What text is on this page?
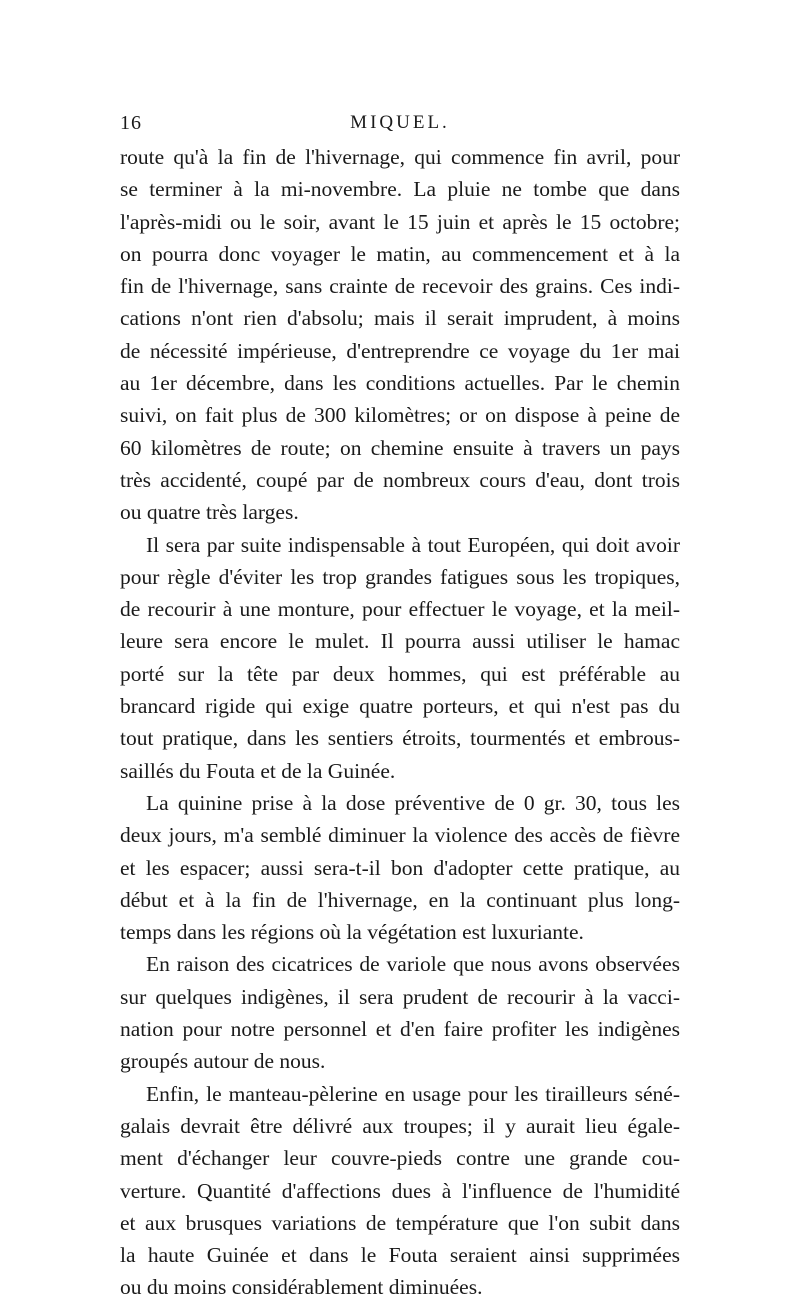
16	MIQUEL.
route qu'à la fin de l'hivernage, qui commence fin avril, pour
se terminer à la mi-novembre. La pluie ne tombe que dans
l'après-midi ou le soir, avant le 15 juin et après le 15 octobre;
on pourra donc voyager le matin, au commencement et à la
fin de l'hivernage, sans crainte de recevoir des grains. Ces indi-
cations n'ont rien d'absolu; mais il serait imprudent, à moins
de nécessité impérieuse, d'entreprendre ce voyage du 1er mai
au 1er décembre, dans les conditions actuelles. Par le chemin
suivi, on fait plus de 300 kilomètres; or on dispose à peine de
60 kilomètres de route; on chemine ensuite à travers un pays
très accidenté, coupé par de nombreux cours d'eau, dont trois
ou quatre très larges.
Il sera par suite indispensable à tout Européen, qui doit avoir
pour règle d'éviter les trop grandes fatigues sous les tropiques,
de recourir à une monture, pour effectuer le voyage, et la meil-
leure sera encore le mulet. Il pourra aussi utiliser le hamac
porté sur la tête par deux hommes, qui est préférable au
brancard rigide qui exige quatre porteurs, et qui n'est pas du
tout pratique, dans les sentiers étroits, tourmentés et embrous-
saillés du Fouta et de la Guinée.
La quinine prise à la dose préventive de 0 gr. 30, tous les
deux jours, m'a semblé diminuer la violence des accès de fièvre
et les espacer; aussi sera-t-il bon d'adopter cette pratique, au
début et à la fin de l'hivernage, en la continuant plus long-
temps dans les régions où la végétation est luxuriante.
En raison des cicatrices de variole que nous avons observées
sur quelques indigènes, il sera prudent de recourir à la vacci-
nation pour notre personnel et d'en faire profiter les indigènes
groupés autour de nous.
Enfin, le manteau-pèlerine en usage pour les tirailleurs séné-
galais devrait être délivré aux troupes; il y aurait lieu égale-
ment d'échanger leur couvre-pieds contre une grande cou-
verture. Quantité d'affections dues à l'influence de l'humidité
et aux brusques variations de température que l'on subit dans
la haute Guinée et dans le Fouta seraient ainsi supprimées
ou du moins considérablement diminuées.
